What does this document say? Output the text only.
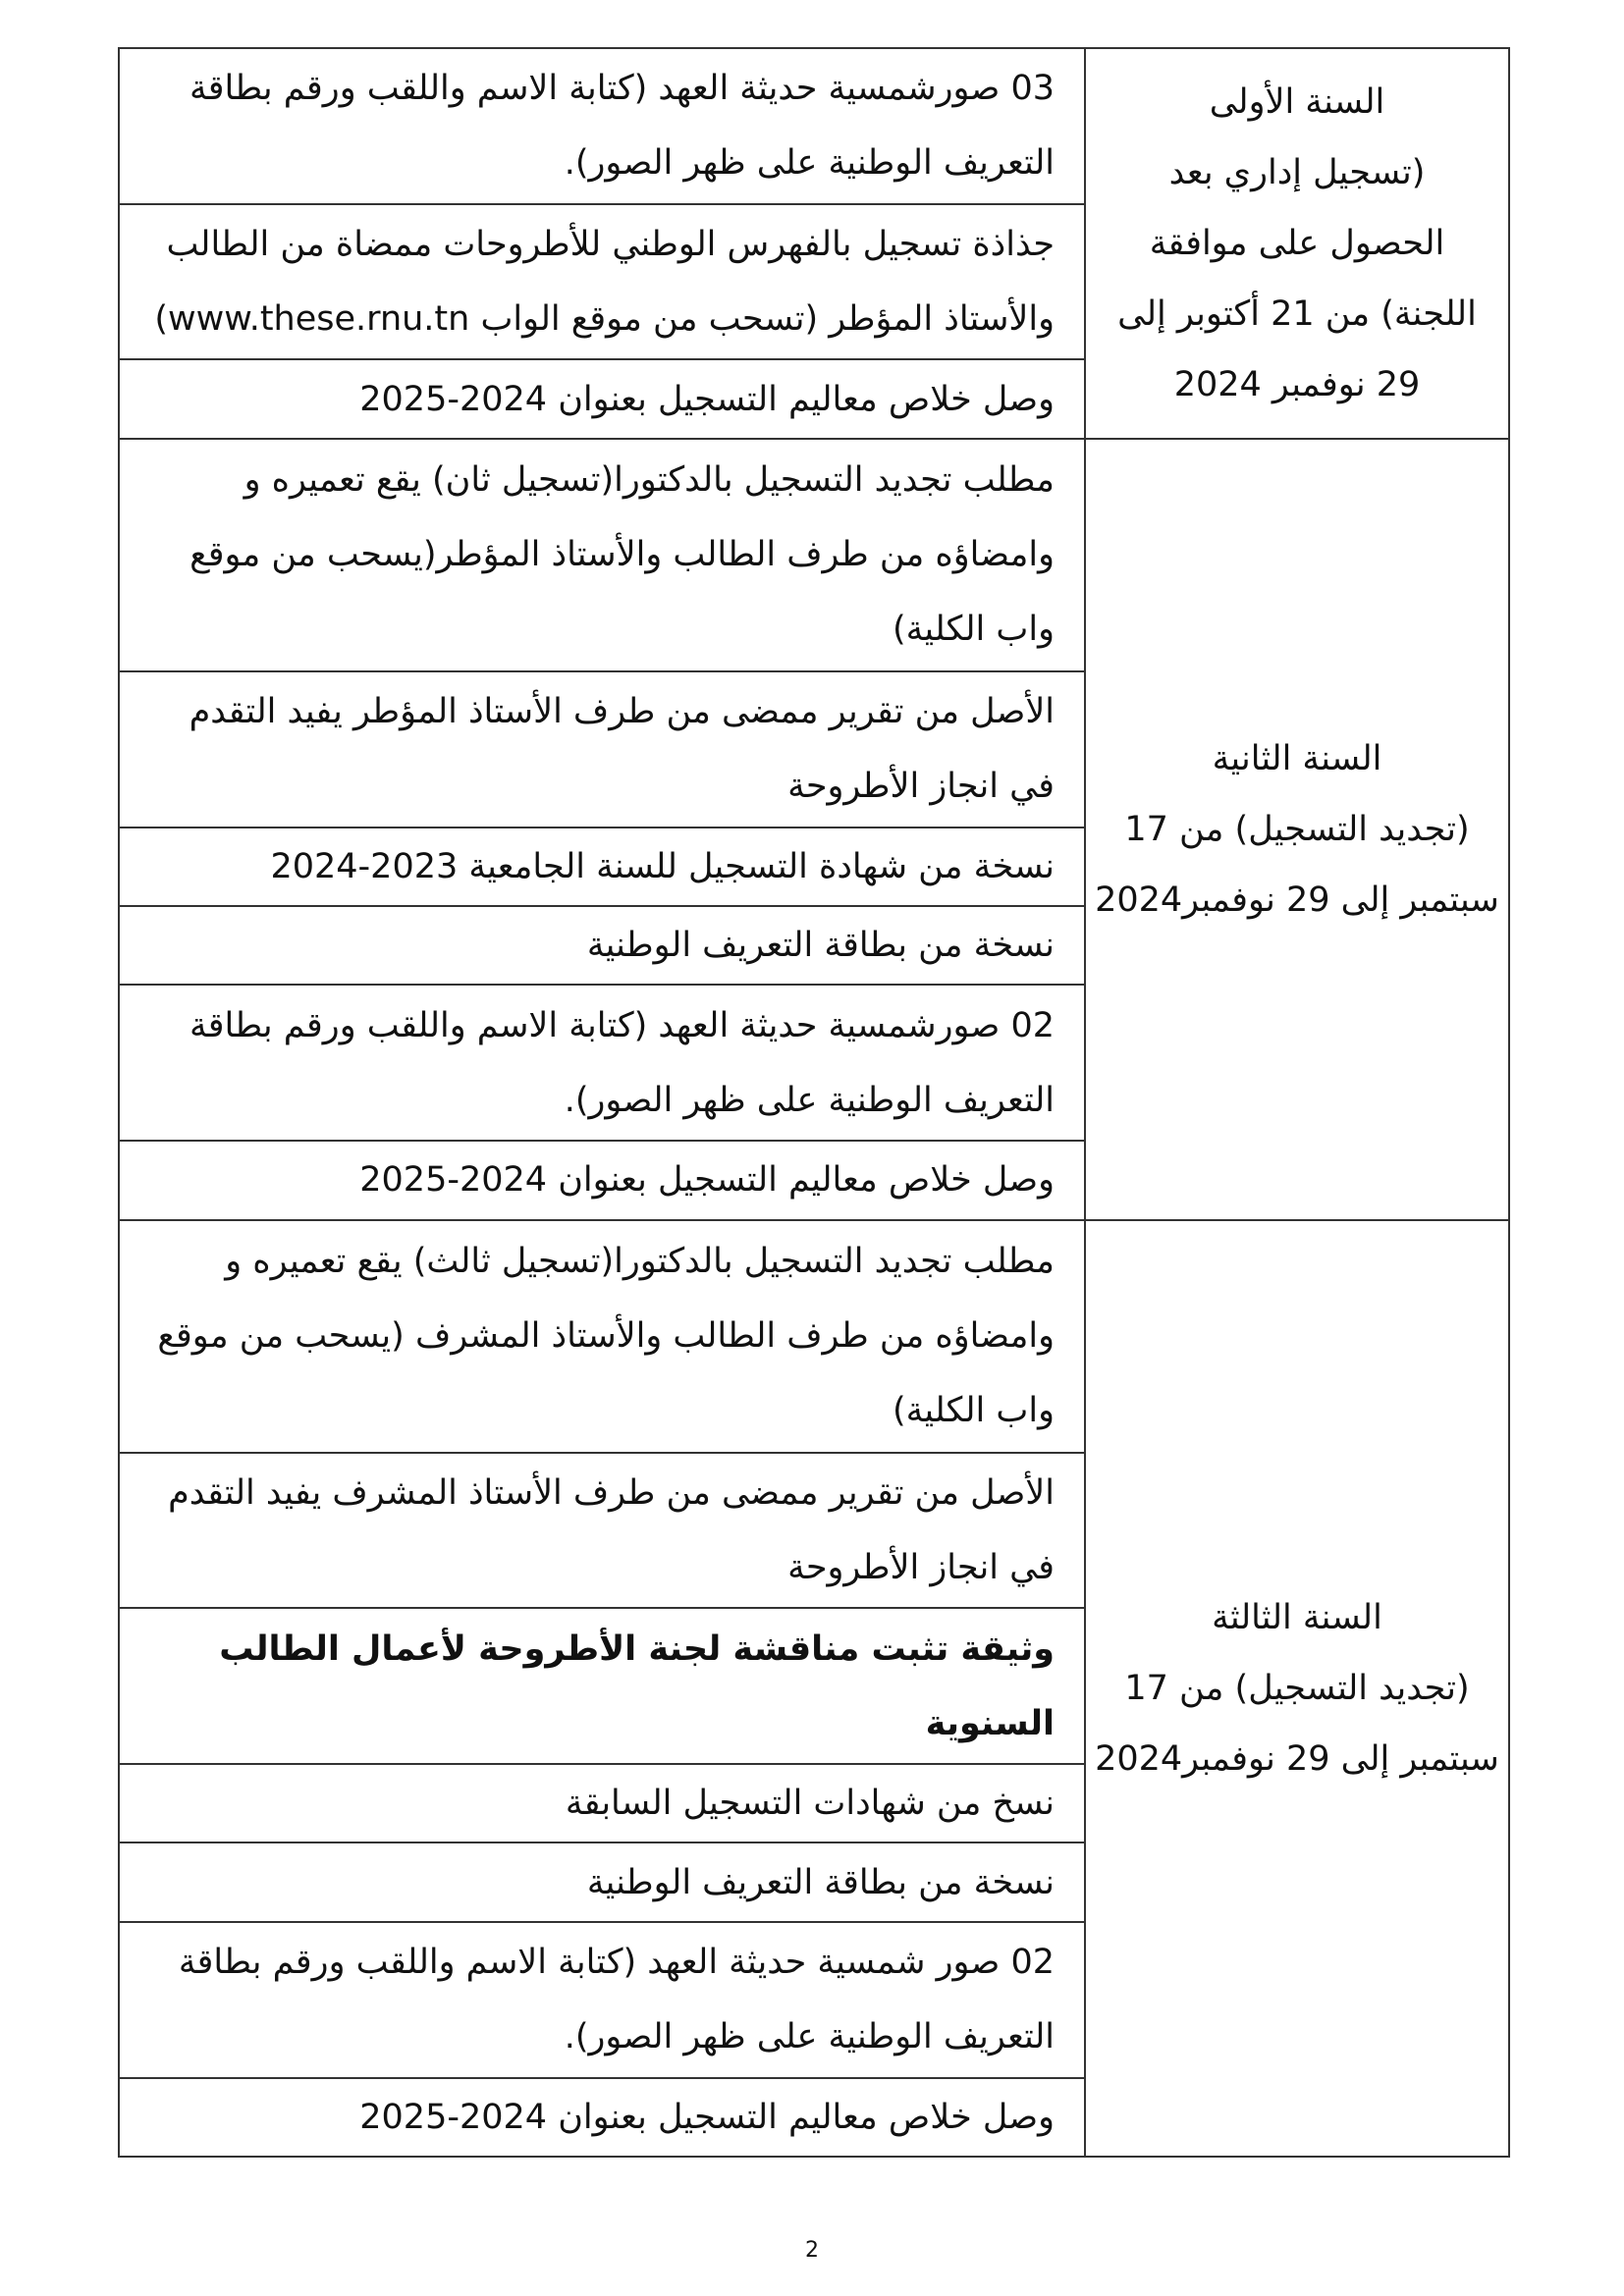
السنة الأولى
(تسجيل إداري بعد
الحصول على موافقة
اللجنة) من 21 أكتوبر إلى
29 نوفمبر 2024	03 صورشمسية حديثة العهد (كتابة الاسم واللقب ورقم بطاقة التعريف الوطنية على ظهر الصور).
	جذاذة تسجيل بالفهرس الوطني للأطروحات ممضاة من الطالب والأستاذ المؤطر (تسحب من موقع الواب www.these.rnu.tn)
	وصل خلاص معاليم التسجيل بعنوان 2024-2025

السنة الثانية
(تجديد التسجيل) من 17
سبتمبر إلى 29 نوفمبر2024	مطلب تجديد التسجيل بالدكتورا(تسجيل ثان) يقع تعميره و وامضاؤه من طرف الطالب والأستاذ المؤطر(يسحب من موقع واب الكلية)
	الأصل من تقرير ممضى من طرف الأستاذ المؤطر يفيد التقدم في انجاز الأطروحة
	نسخة من شهادة التسجيل للسنة الجامعية 2023-2024
	نسخة من بطاقة التعريف الوطنية
	02 صورشمسية حديثة العهد (كتابة الاسم واللقب ورقم بطاقة التعريف الوطنية على ظهر الصور).
	وصل خلاص معاليم التسجيل بعنوان 2024-2025

السنة الثالثة
(تجديد التسجيل) من 17
سبتمبر إلى 29 نوفمبر2024	مطلب تجديد التسجيل بالدكتورا(تسجيل ثالث) يقع تعميره و وامضاؤه من طرف الطالب والأستاذ المشرف (يسحب من موقع واب الكلية)
	الأصل من تقرير ممضى من طرف الأستاذ المشرف يفيد التقدم في انجاز الأطروحة
	وثيقة تثبت مناقشة لجنة الأطروحة لأعمال الطالب السنوية
	نسخ من شهادات التسجيل السابقة
	نسخة من بطاقة التعريف الوطنية
	02 صور شمسية حديثة العهد (كتابة الاسم واللقب ورقم بطاقة التعريف الوطنية على ظهر الصور).
	وصل خلاص معاليم التسجيل بعنوان 2024-2025
2
